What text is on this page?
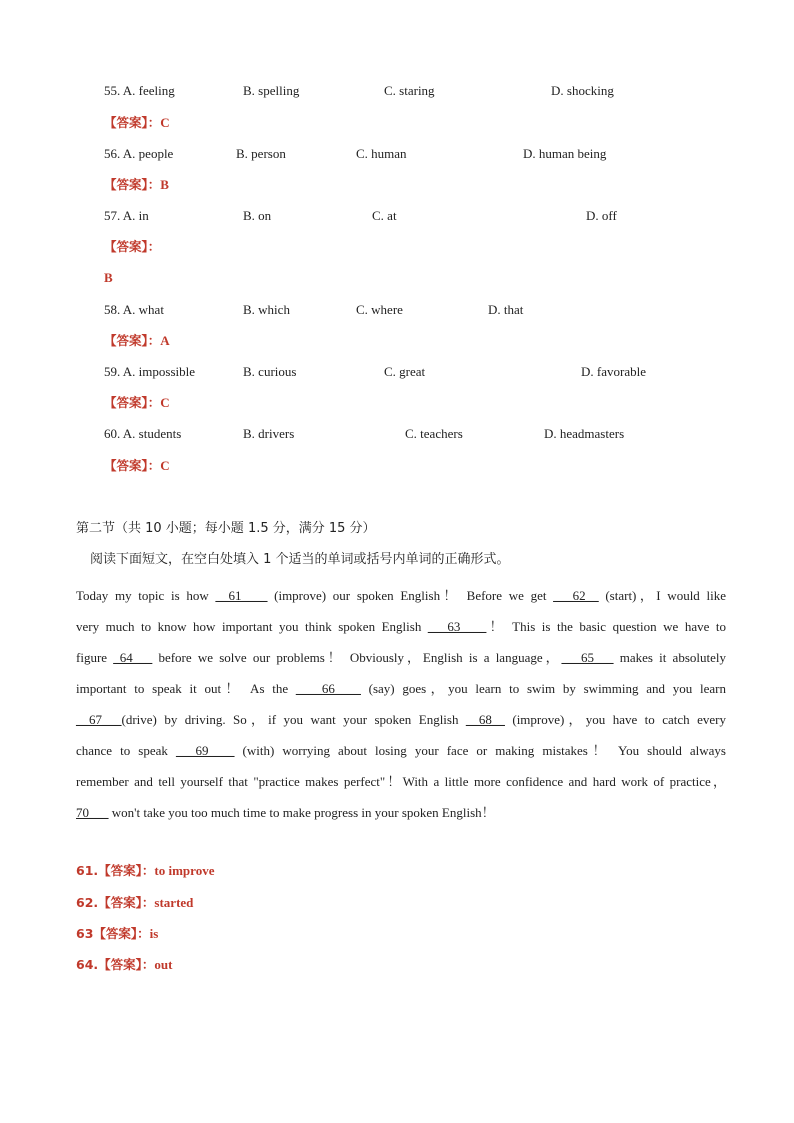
55. A. feeling	B. spelling	C. staring	D. shocking
【答案】：C
56. A. people	B. person	C. human	D. human being
【答案】：B
57. A. in	B. on	C. at	D. off
【答案】：
B
58. A. what	B. which	C. where	D. that
【答案】：A
59. A. impossible	B. curious	C. great	D. favorable
【答案】：C
60. A. students	B. drivers	C. teachers	D. headmasters
【答案】：C
第二节（共 10 小题；每小题 1.5 分，满分 15 分）
阅读下面短文，在空白处填入 1 个适当的单词或括号内单词的正确形式。
Today my topic is how __61____ (improve) our spoken English！ Before we get ___62__ (start)，I would like
very much to know how important you think spoken English ___63____！ This is the basic question we have to
figure _64___ before we solve our problems！ Obviously，English is a language，___65___ makes it absolutely
important to speak it out！ As the ____66____ (say) goes，you learn to swim by swimming and you learn
__67___(drive) by driving. So，if you want your spoken English __68__ (improve)，you have to catch every
chance to speak ___69____ (with) worrying about losing your face or making mistakes！ You should always
remember and tell yourself that "practice makes perfect"！With a little more confidence and hard work of practice，
70___ won't take you too much time to make progress in your spoken English！
61.【答案】：to improve
62.【答案】：started
63【答案】：is
64.【答案】：out
